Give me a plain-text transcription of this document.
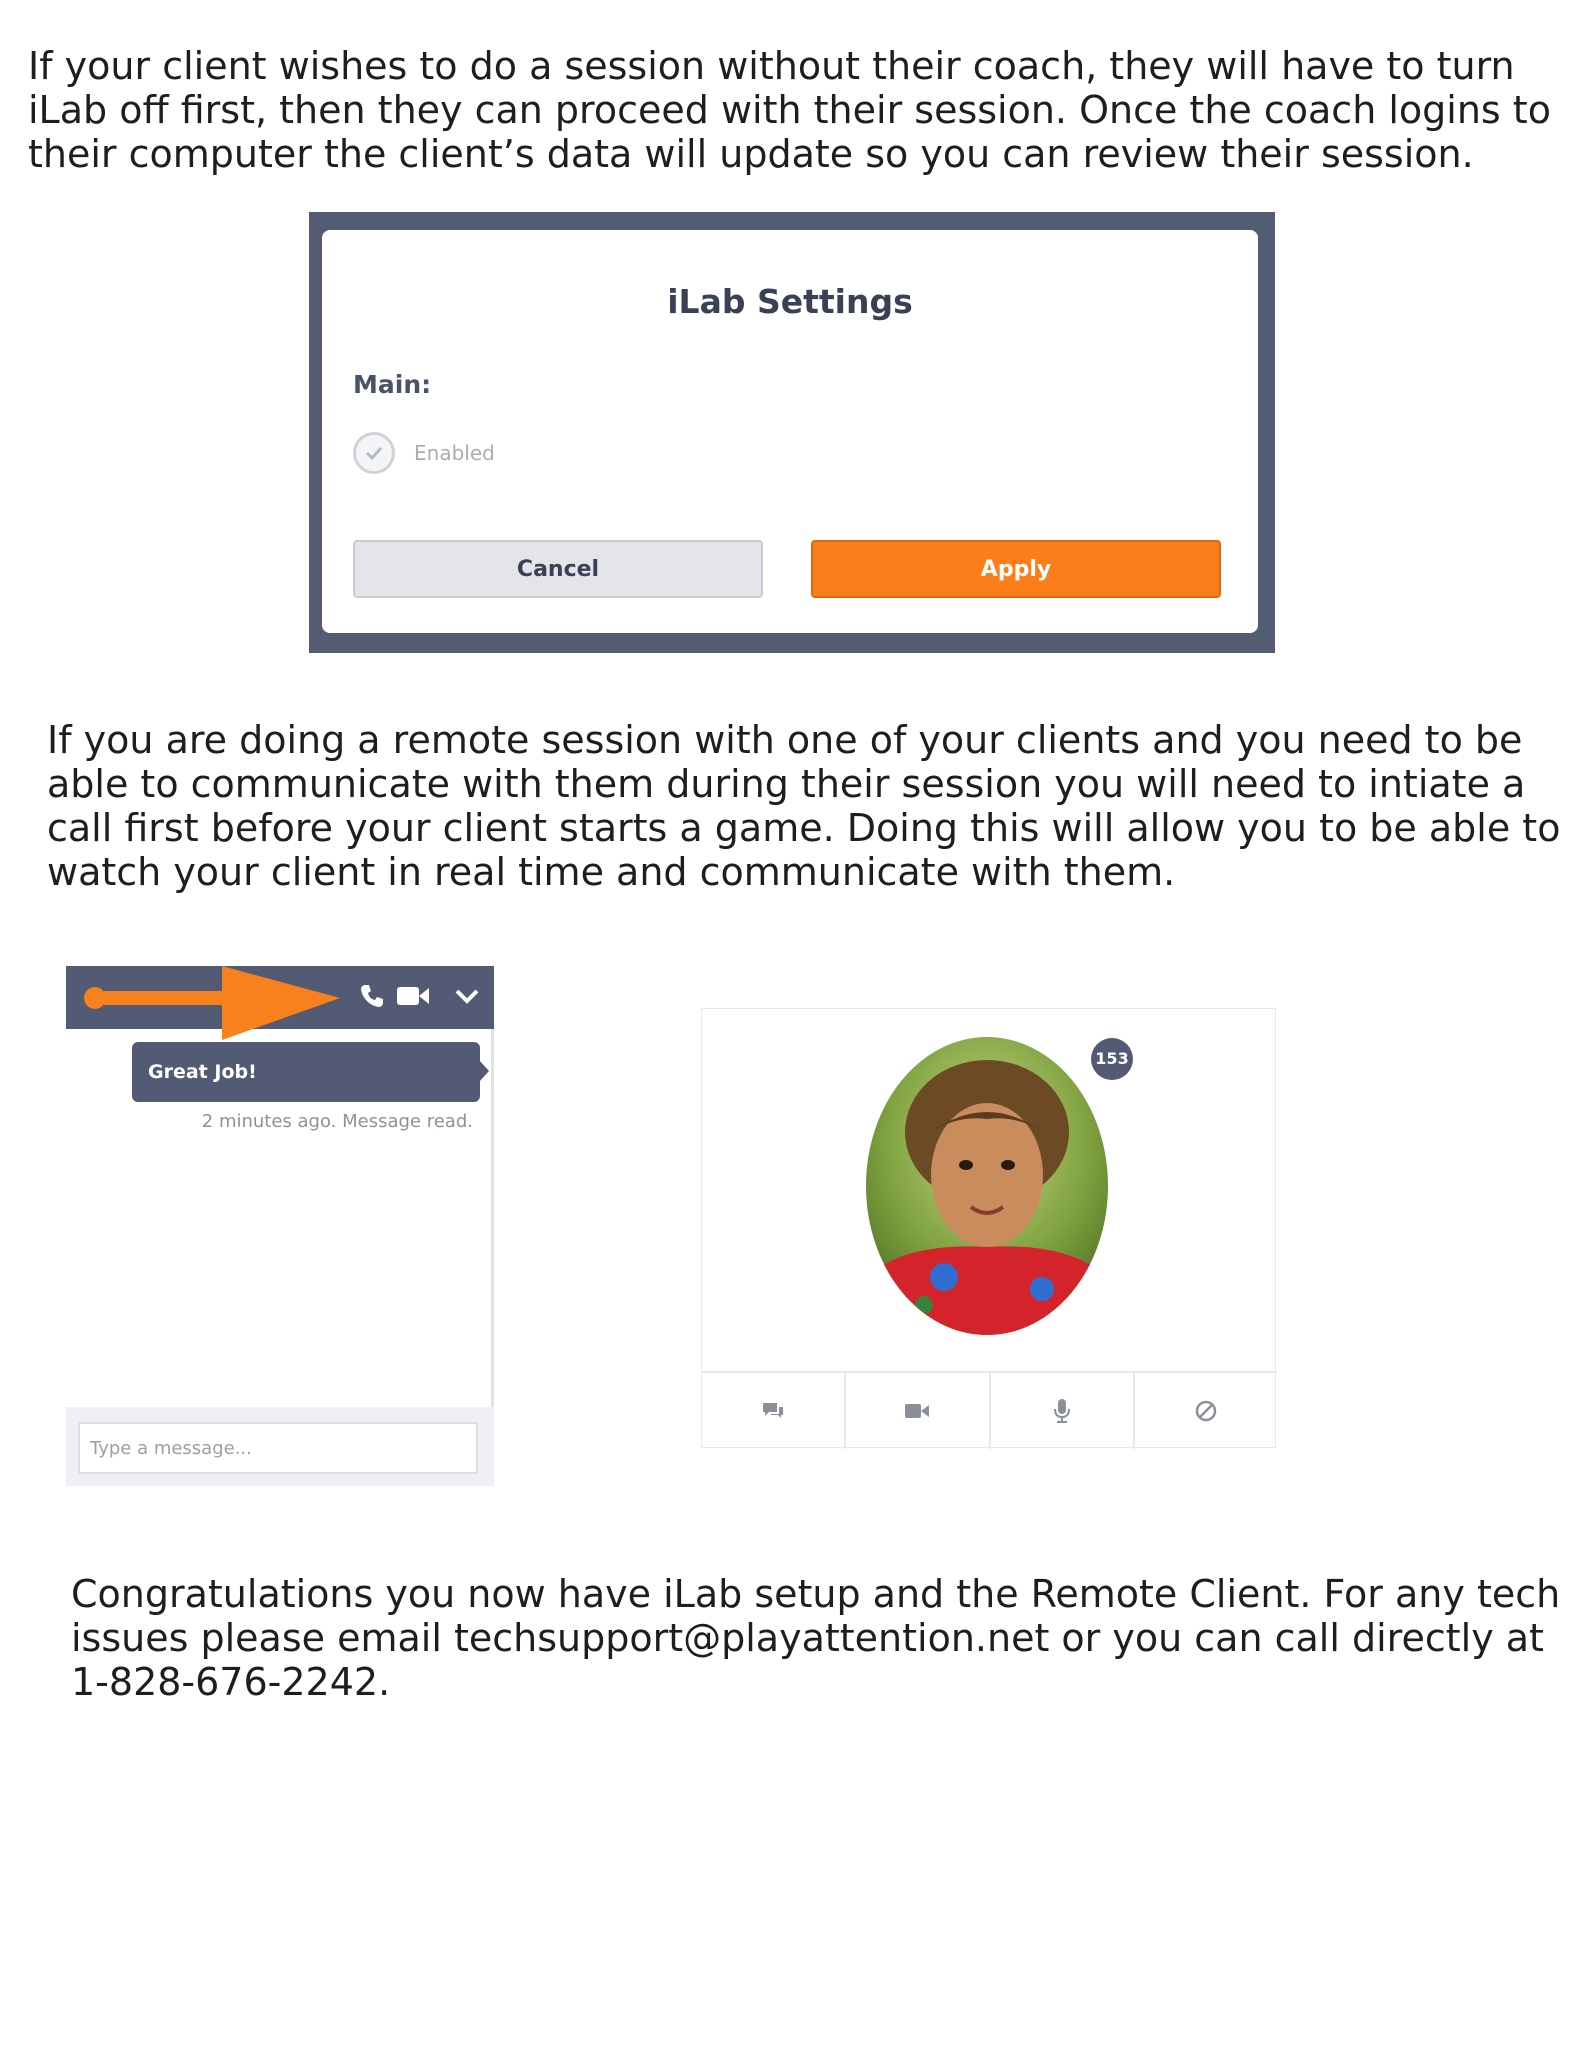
If your client wishes to do a session without their coach, they will have to turn iLab off first, then they can proceed with their session. Once the coach logins to their computer the client’s data will update so you can review their session.

iLab Settings
Main:
Enabled
Cancel	Apply

If you are doing a remote session with one of your clients and you need to be able to communicate with them during their session you will need to intiate a call first before your client starts a game. Doing this will allow you to be able to watch your client in real time and communicate with them.

Great Job!
2 minutes ago. Message read.
Type a message...
153

Congratulations you now have iLab setup and the Remote Client. For any tech issues please email techsupport@playattention.net or you can call directly at 1-828-676-2242.
